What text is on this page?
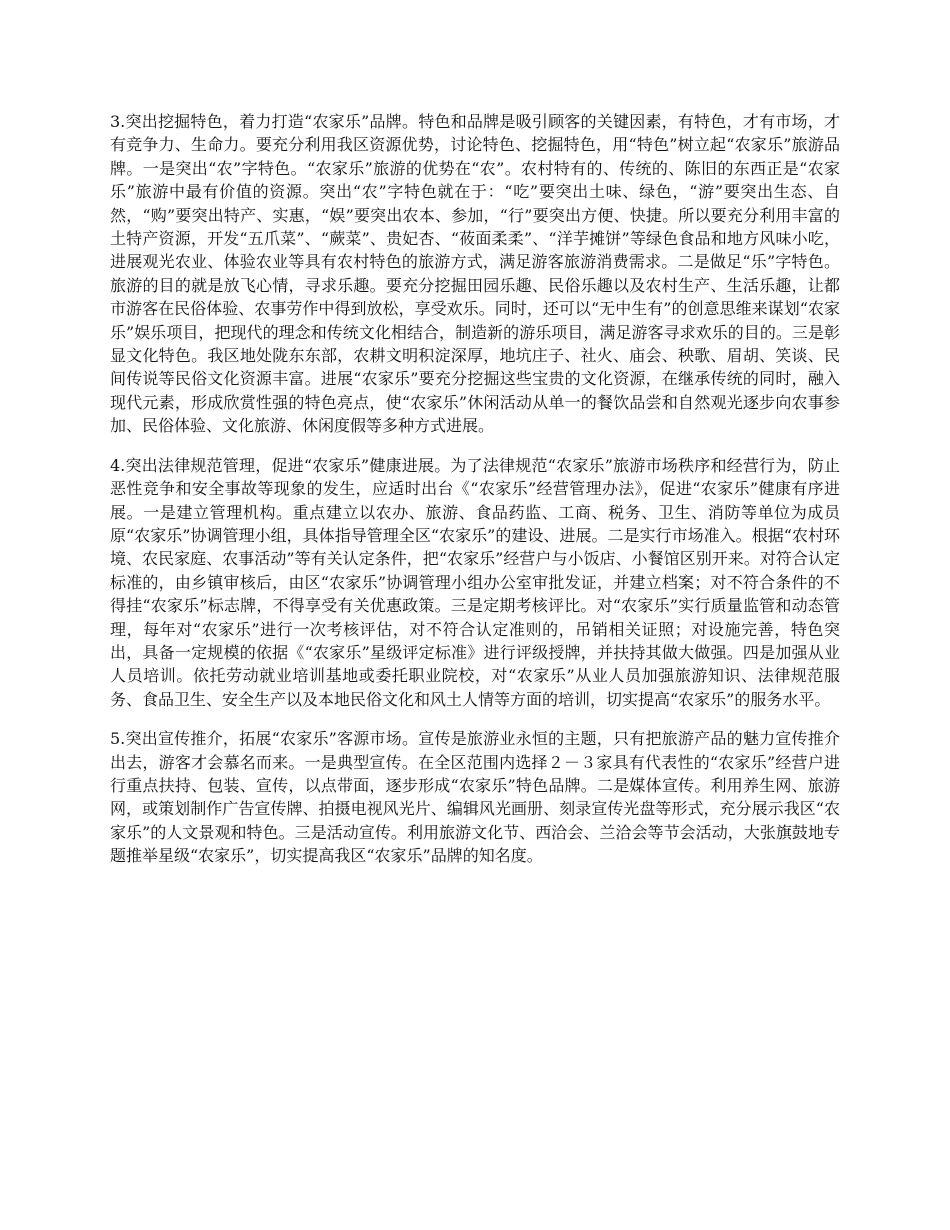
3.突出挖掘特色，着力打造“农家乐”品牌。特色和品牌是吸引顾客的关键因素，有特色，才有市场，才有竞争力、生命力。要充分利用我区资源优势，讨论特色、挖掘特色，用“特色”树立起“农家乐”旅游品牌。一是突出“农”字特色。“农家乐”旅游的优势在“农”。农村特有的、传统的、陈旧的东西正是“农家乐”旅游中最有价值的资源。突出“农”字特色就在于：“吃”要突出土味、绿色，“游”要突出生态、自然，“购”要突出特产、实惠，“娱”要突出农本、参加，“行”要突出方便、快捷。所以要充分利用丰富的土特产资源，开发“五爪菜”、“蕨菜”、贵妃杏、“莜面柔柔”、“洋芋摊饼”等绿色食品和地方风味小吃，进展观光农业、体验农业等具有农村特色的旅游方式，满足游客旅游消费需求。二是做足“乐”字特色。旅游的目的就是放飞心情，寻求乐趣。要充分挖掘田园乐趣、民俗乐趣以及农村生产、生活乐趣，让都市游客在民俗体验、农事劳作中得到放松，享受欢乐。同时，还可以“无中生有”的创意思维来谋划“农家乐”娱乐项目，把现代的理念和传统文化相结合，制造新的游乐项目，满足游客寻求欢乐的目的。三是彰显文化特色。我区地处陇东东部，农耕文明积淀深厚，地坑庄子、社火、庙会、秧歌、眉胡、笑谈、民间传说等民俗文化资源丰富。进展“农家乐”要充分挖掘这些宝贵的文化资源，在继承传统的同时，融入现代元素，形成欣赏性强的特色亮点，使“农家乐”休闲活动从单一的餐饮品尝和自然观光逐步向农事参加、民俗体验、文化旅游、休闲度假等多种方式进展。

4.突出法律规范管理，促进“农家乐”健康进展。为了法律规范“农家乐”旅游市场秩序和经营行为，防止恶性竞争和安全事故等现象的发生，应适时出台《“农家乐”经营管理办法》，促进“农家乐”健康有序进展。一是建立管理机构。重点建立以农办、旅游、食品药监、工商、税务、卫生、消防等单位为成员原“农家乐”协调管理小组，具体指导管理全区“农家乐”的建设、进展。二是实行市场准入。根据“农村环境、农民家庭、农事活动”等有关认定条件，把“农家乐”经营户与小饭店、小餐馆区别开来。对符合认定标准的，由乡镇审核后，由区“农家乐”协调管理小组办公室审批发证，并建立档案；对不符合条件的不得挂“农家乐”标志牌，不得享受有关优惠政策。三是定期考核评比。对“农家乐”实行质量监管和动态管理，每年对“农家乐”进行一次考核评估，对不符合认定准则的，吊销相关证照；对设施完善，特色突出，具备一定规模的依据《“农家乐”星级评定标准》进行评级授牌，并扶持其做大做强。四是加强从业人员培训。依托劳动就业培训基地或委托职业院校，对“农家乐”从业人员加强旅游知识、法律规范服务、食品卫生、安全生产以及本地民俗文化和风土人情等方面的培训，切实提高“农家乐”的服务水平。

5.突出宣传推介，拓展“农家乐”客源市场。宣传是旅游业永恒的主题，只有把旅游产品的魅力宣传推介出去，游客才会慕名而来。一是典型宣传。在全区范围内选择２－３家具有代表性的“农家乐”经营户进行重点扶持、包装、宣传，以点带面，逐步形成“农家乐”特色品牌。二是媒体宣传。利用养生网、旅游网，或策划制作广告宣传牌、拍摄电视风光片、编辑风光画册、刻录宣传光盘等形式，充分展示我区“农家乐”的人文景观和特色。三是活动宣传。利用旅游文化节、西洽会、兰洽会等节会活动，大张旗鼓地专题推举星级“农家乐”，切实提高我区“农家乐”品牌的知名度。
